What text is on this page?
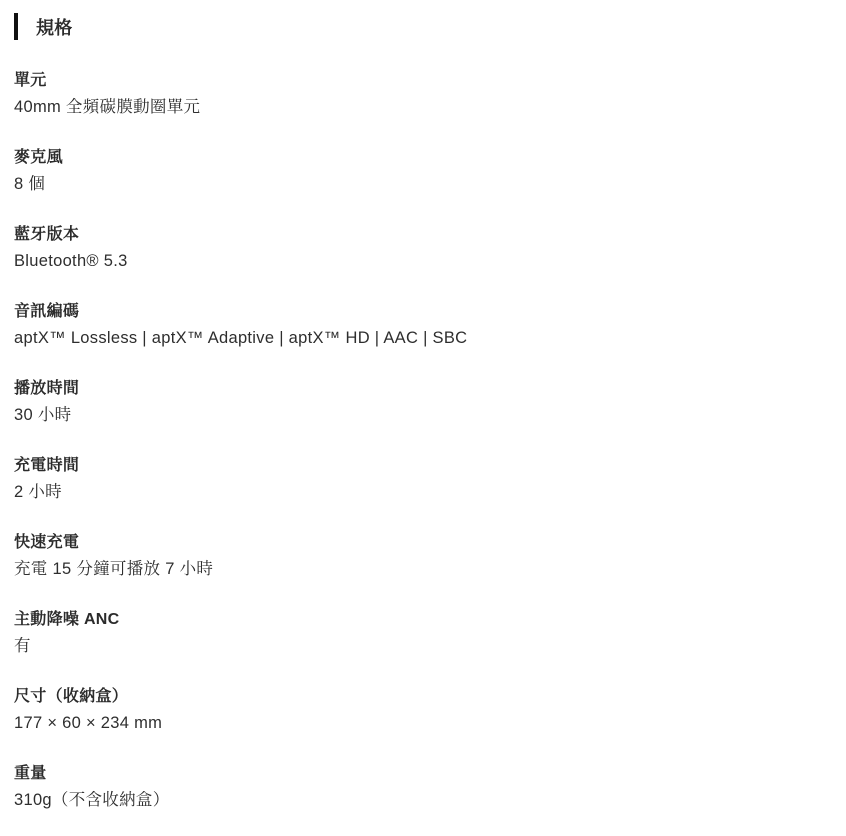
規格
單元
40mm 全頻碳膜動圈單元
麥克風
8 個
藍牙版本
Bluetooth® 5.3
音訊編碼
aptX™ Lossless | aptX™ Adaptive | aptX™ HD | AAC | SBC
播放時間
30 小時
充電時間
2 小時
快速充電
充電 15 分鐘可播放 7 小時
主動降噪 ANC
有
尺寸（收納盒）
177 × 60 × 234 mm
重量
310g（不含收納盒）
